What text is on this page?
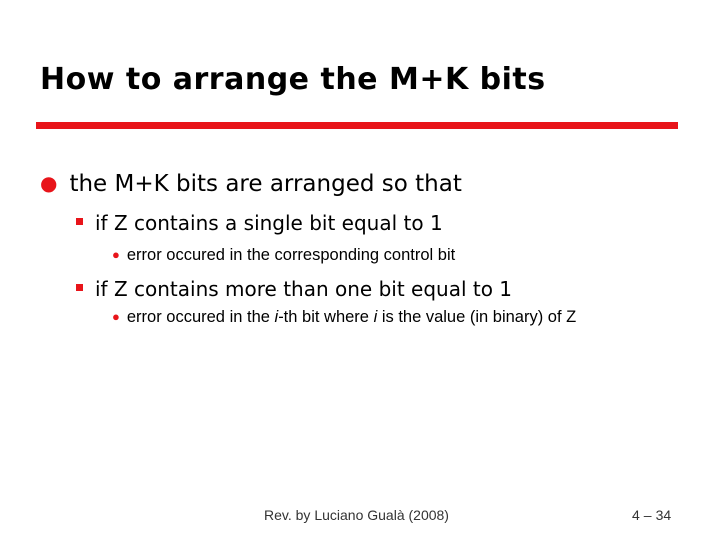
How to arrange the M+K bits
● the M+K bits are arranged so that
if Z contains a single bit equal to 1
● error occured in the corresponding control bit
if Z contains more than one bit equal to 1
● error occured in the i-th bit where i is the value (in binary) of Z
Rev. by Luciano Gualà (2008)	4 – 34
